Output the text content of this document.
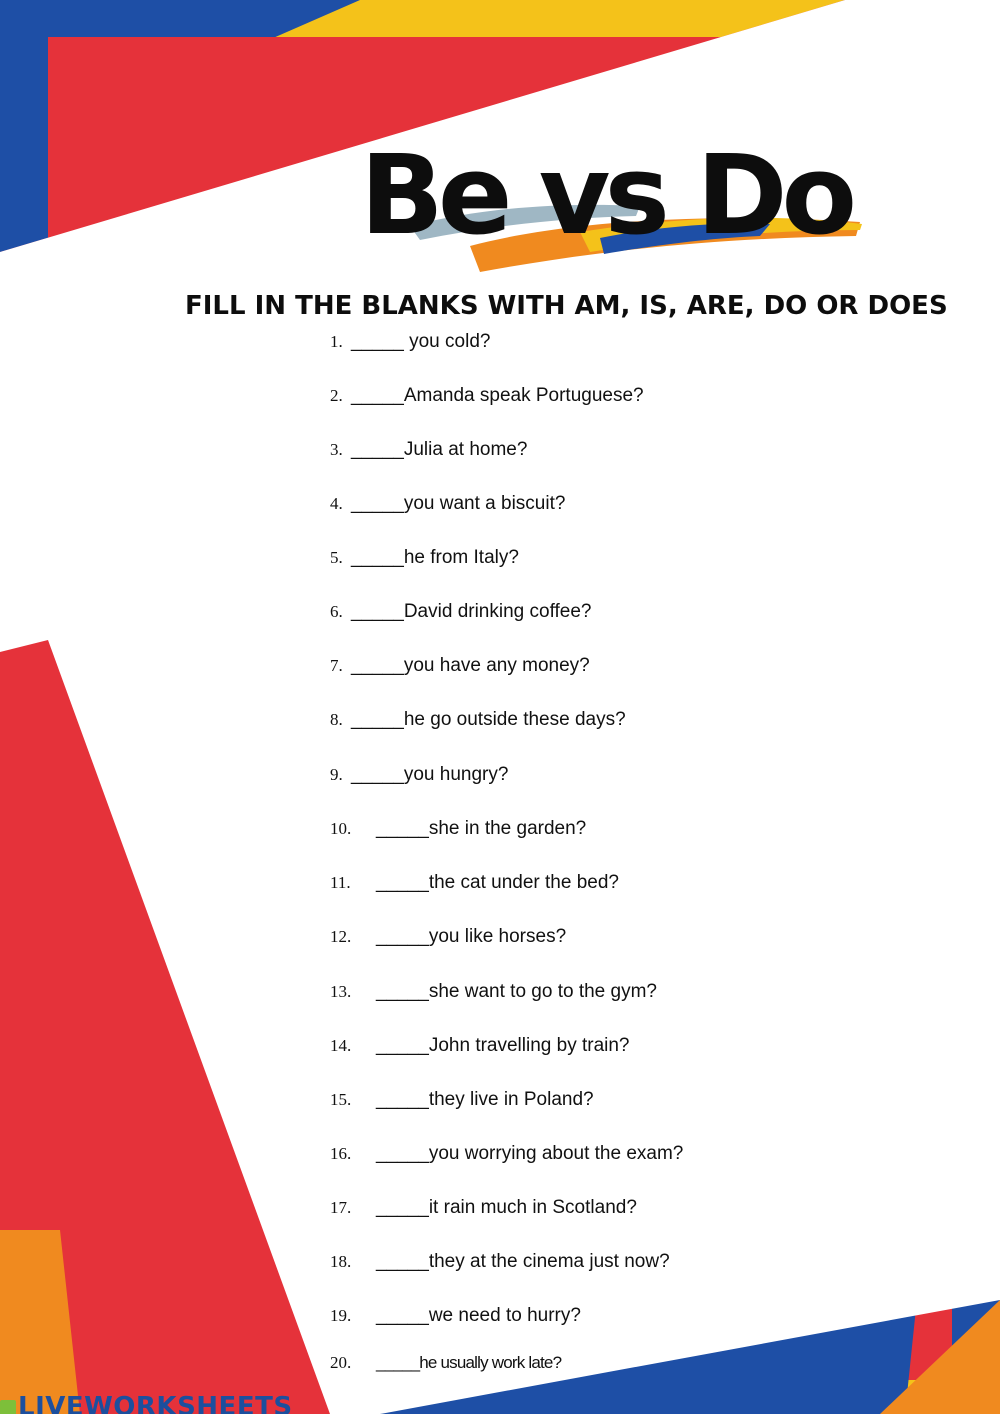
Be vs Do
FILL IN THE BLANKS WITH AM, IS, ARE, DO OR DOES
1. _____ you cold?
2. _____Amanda speak Portuguese?
3. _____Julia at home?
4. _____you want a biscuit?
5. _____he from Italy?
6. _____David drinking coffee?
7. _____you have any money?
8. _____he go outside these days?
9. _____you hungry?
10.	_____she in the garden?
11.	_____the cat under the bed?
12.	_____you like horses?
13.	_____she want to go to the gym?
14.	_____John travelling by train?
15.	_____they live in Poland?
16.	_____you worrying about the exam?
17.	_____it rain much in Scotland?
18.	_____they at the cinema just now?
19.	_____we need to hurry?
20.	_____he usually work late?
LIVEWORKSHEETS
